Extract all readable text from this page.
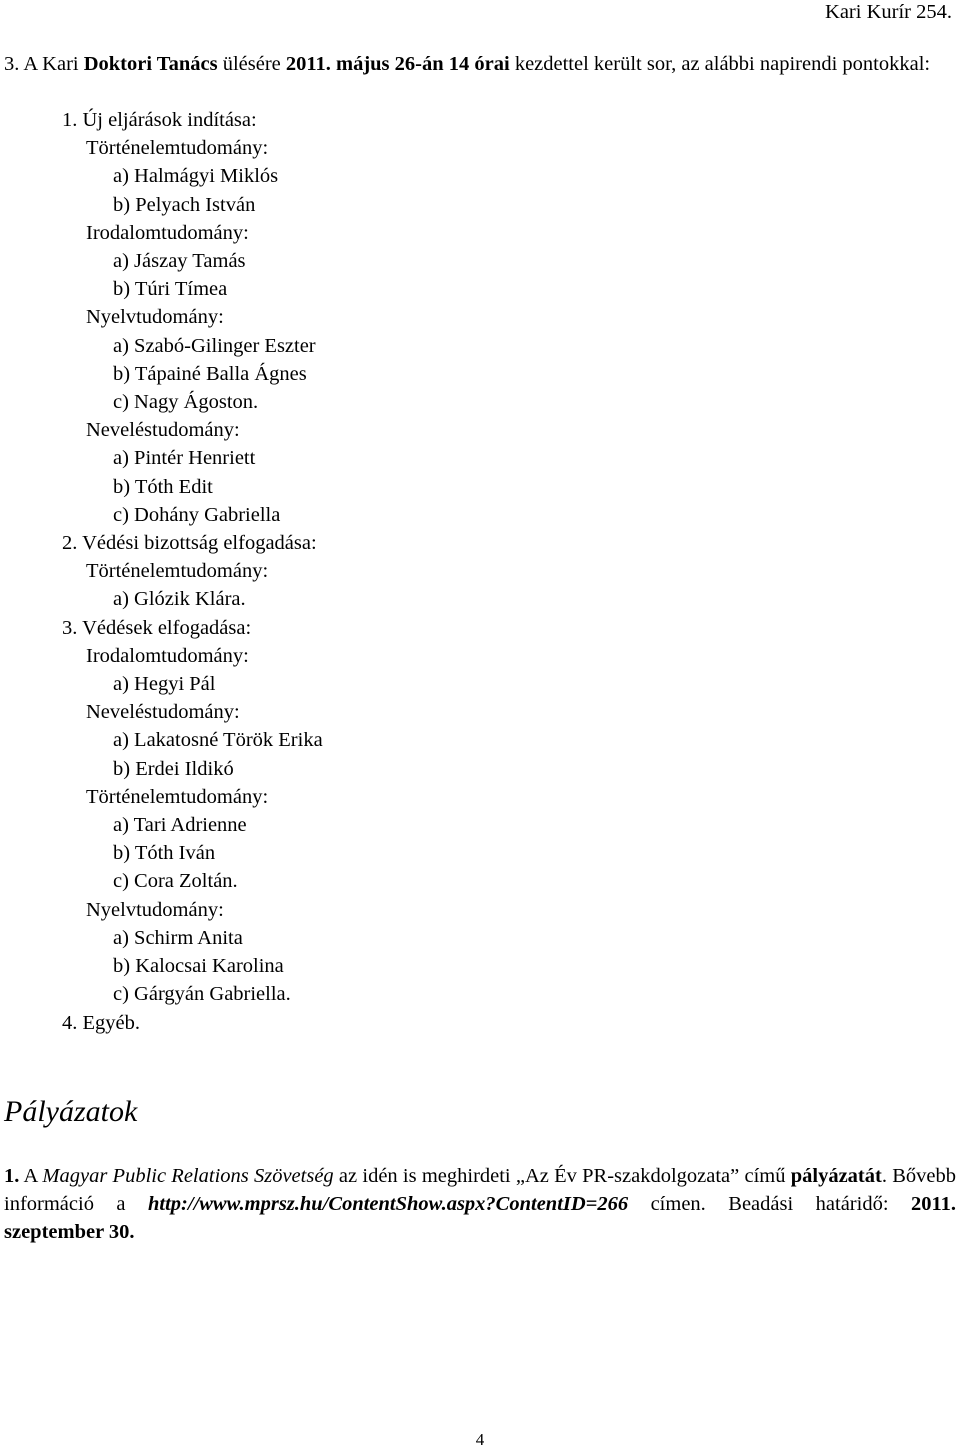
Kari Kurír 254.
3. A Kari Doktori Tanács ülésére 2011. május 26-án 14 órai kezdettel került sor, az alábbi napirendi pontokkal:
1. Új eljárások indítása:
Történelemtudomány:
a) Halmágyi Miklós
b) Pelyach István
Irodalomtudomány:
a) Jászay Tamás
b) Túri Tímea
Nyelvtudomány:
a) Szabó-Gilinger Eszter
b) Tápainé Balla Ágnes
c) Nagy Ágoston.
Neveléstudomány:
a) Pintér Henriett
b) Tóth Edit
c) Dohány Gabriella
2. Védési bizottság elfogadása:
Történelemtudomány:
a) Glózik Klára.
3. Védések elfogadása:
Irodalomtudomány:
a) Hegyi Pál
Neveléstudomány:
a) Lakatosné Török Erika
b) Erdei Ildikó
Történelemtudomány:
a) Tari Adrienne
b) Tóth Iván
c) Cora Zoltán.
Nyelvtudomány:
a) Schirm Anita
b) Kalocsai Karolina
c) Gárgyán Gabriella.
4. Egyéb.
Pályázatok
1. A Magyar Public Relations Szövetség az idén is meghirdeti „Az Év PR-szakdolgozata” című pályázatát. Bővebb információ a http://www.mprsz.hu/ContentShow.aspx?ContentID=266 címen. Beadási határidő: 2011. szeptember 30.
4
